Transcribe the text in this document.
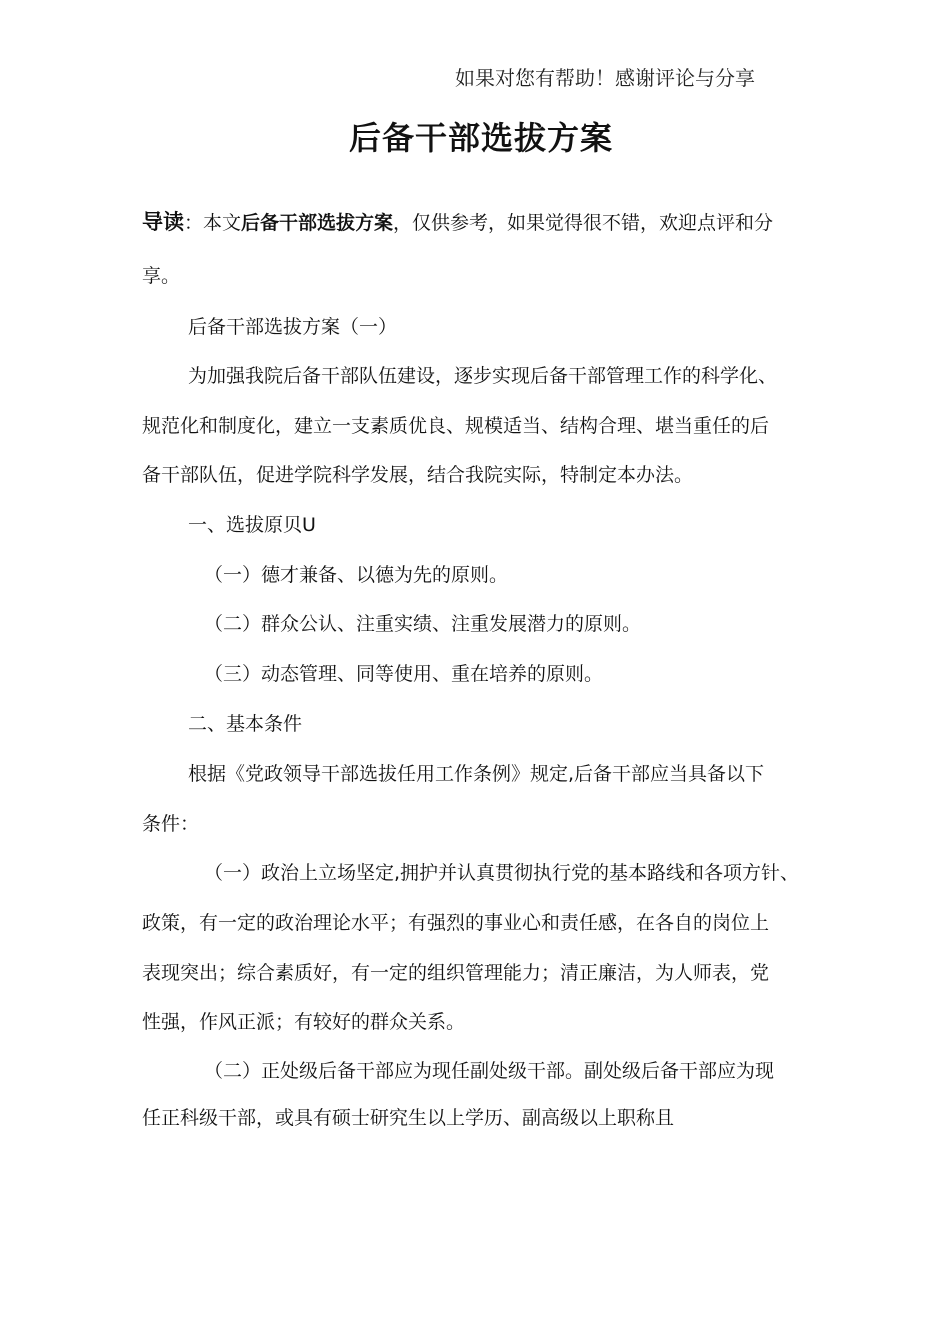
如果对您有帮助！感谢评论与分享
后备干部选拔方案

导读：本文后备干部选拔方案，仅供参考，如果觉得很不错，欢迎点评和分

享。

后备干部选拔方案（一）

为加强我院后备干部队伍建设，逐步实现后备干部管理工作的科学化、

规范化和制度化，建立一支素质优良、规模适当、结构合理、堪当重任的后

备干部队伍，促进学院科学发展，结合我院实际，特制定本办法。

一、选拔原贝U

（一）德才兼备、以德为先的原则。

（二）群众公认、注重实绩、注重发展潜力的原则。

（三）动态管理、同等使用、重在培养的原则。

二、基本条件

根据《党政领导干部选拔任用工作条例》规定,后备干部应当具备以下

条件：

（一）政治上立场坚定,拥护并认真贯彻执行党的基本路线和各项方针、

政策，有一定的政治理论水平；有强烈的事业心和责任感，在各自的岗位上

表现突出；综合素质好，有一定的组织管理能力；清正廉洁，为人师表，党

性强，作风正派；有较好的群众关系。

（二）正处级后备干部应为现任副处级干部。副处级后备干部应为现

任正科级干部，或具有硕士研究生以上学历、副高级以上职称且
